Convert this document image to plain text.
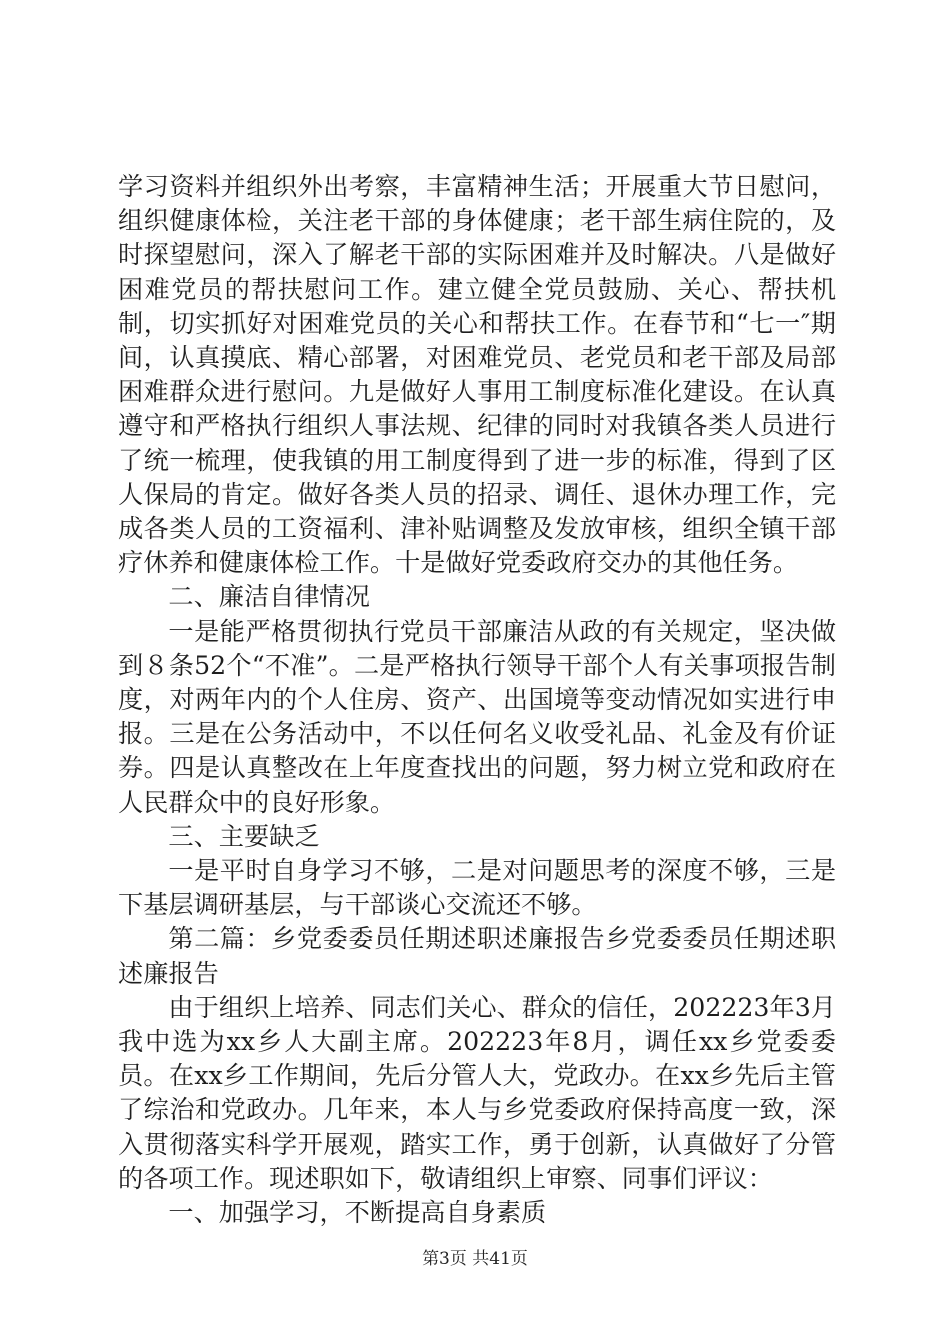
学习资料并组织外出考察，丰富精神生活；开展重大节日慰问，组织健康体检，关注老干部的身体健康；老干部生病住院的，及时探望慰问，深入了解老干部的实际困难并及时解决。八是做好困难党员的帮扶慰问工作。建立健全党员鼓励、关心、帮扶机制，切实抓好对困难党员的关心和帮扶工作。在春节和“七一″期间，认真摸底、精心部署，对困难党员、老党员和老干部及局部困难群众进行慰问。九是做好人事用工制度标准化建设。在认真遵守和严格执行组织人事法规、纪律的同时对我镇各类人员进行了统一梳理，使我镇的用工制度得到了进一步的标准，得到了区人保局的肯定。做好各类人员的招录、调任、退休办理工作，完成各类人员的工资福利、津补贴调整及发放审核，组织全镇干部疗休养和健康体检工作。十是做好党委政府交办的其他任务。

二、廉洁自律情况

一是能严格贯彻执行党员干部廉洁从政的有关规定，坚决做到８条52个“不准”。二是严格执行领导干部个人有关事项报告制度，对两年内的个人住房、资产、出国境等变动情况如实进行申报。三是在公务活动中，不以任何名义收受礼品、礼金及有价证券。四是认真整改在上年度查找出的问题，努力树立党和政府在人民群众中的良好形象。

三、主要缺乏

一是平时自身学习不够，二是对问题思考的深度不够，三是下基层调研基层，与干部谈心交流还不够。

第二篇：乡党委委员任期述职述廉报告乡党委委员任期述职述廉报告

由于组织上培养、同志们关心、群众的信任，202223年3月我中选为xx乡人大副主席。202223年8月，调任xx乡党委委员。在xx乡工作期间，先后分管人大，党政办。在xx乡先后主管了综治和党政办。几年来，本人与乡党委政府保持高度一致，深入贯彻落实科学开展观，踏实工作，勇于创新，认真做好了分管的各项工作。现述职如下，敬请组织上审察、同事们评议：

一、加强学习，不断提高自身素质

第3页 共41页
